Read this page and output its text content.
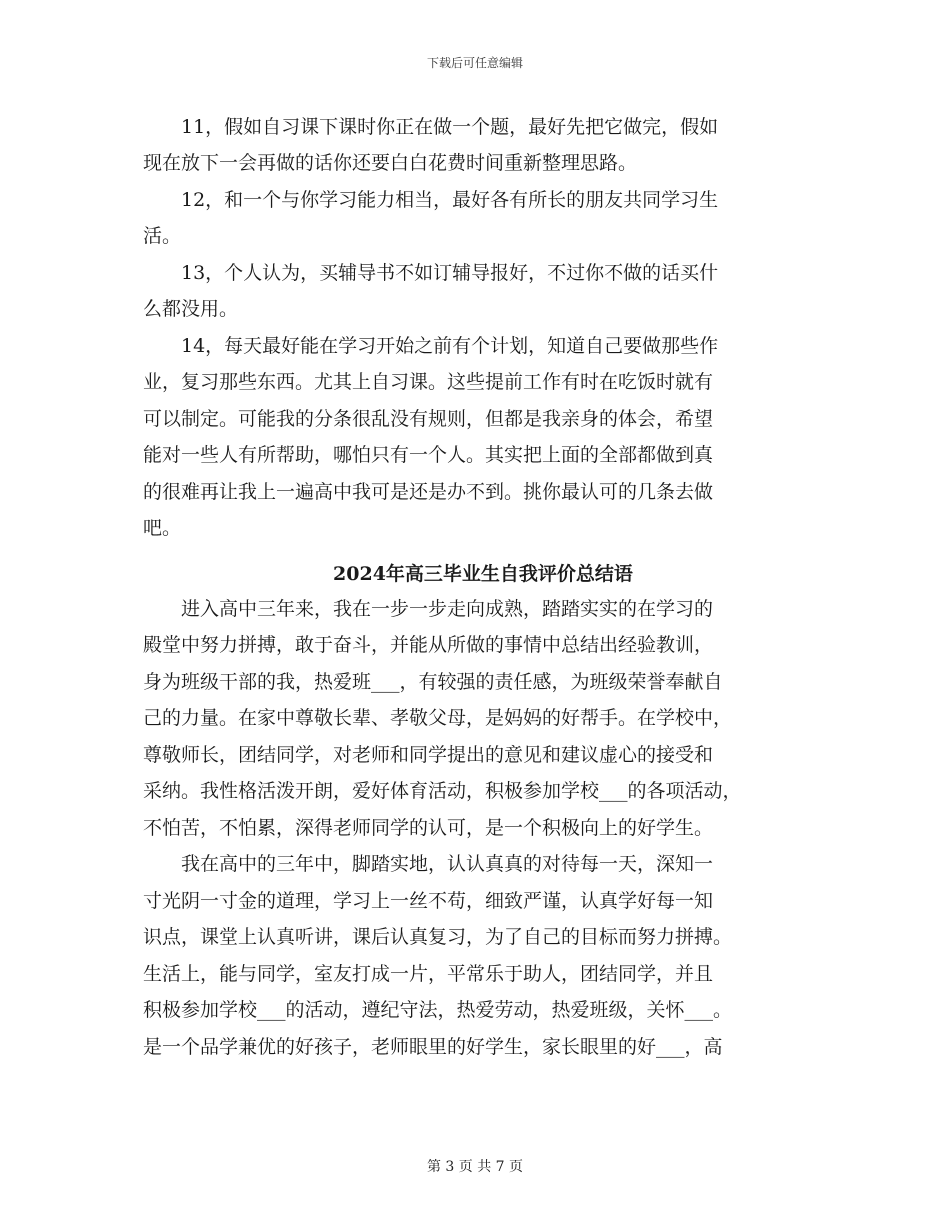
下载后可任意编辑
　　11，假如自习课下课时你正在做一个题，最好先把它做完，假如
现在放下一会再做的话你还要白白花费时间重新整理思路。
　　12，和一个与你学习能力相当，最好各有所长的朋友共同学习生
活。
　　13，个人认为，买辅导书不如订辅导报好，不过你不做的话买什
么都没用。
　　14，每天最好能在学习开始之前有个计划，知道自己要做那些作
业，复习那些东西。尤其上自习课。这些提前工作有时在吃饭时就有
可以制定。可能我的分条很乱没有规则，但都是我亲身的体会，希望
能对一些人有所帮助，哪怕只有一个人。其实把上面的全部都做到真
的很难再让我上一遍高中我可是还是办不到。挑你最认可的几条去做
吧。
2024年高三毕业生自我评价总结语
　　进入高中三年来，我在一步一步走向成熟，踏踏实实的在学习的
殿堂中努力拼搏，敢于奋斗，并能从所做的事情中总结出经验教训，
身为班级干部的我，热爱班___，有较强的责任感，为班级荣誉奉献自
己的力量。在家中尊敬长辈、孝敬父母，是妈妈的好帮手。在学校中，
尊敬师长，团结同学，对老师和同学提出的意见和建议虚心的接受和
采纳。我性格活泼开朗，爱好体育活动，积极参加学校___的各项活动，
不怕苦，不怕累，深得老师同学的认可，是一个积极向上的好学生。
　　我在高中的三年中，脚踏实地，认认真真的对待每一天，深知一
寸光阴一寸金的道理，学习上一丝不苟，细致严谨，认真学好每一知
识点，课堂上认真听讲，课后认真复习，为了自己的目标而努力拼搏。
生活上，能与同学，室友打成一片，平常乐于助人，团结同学，并且
积极参加学校___的活动，遵纪守法，热爱劳动，热爱班级，关怀___。
是一个品学兼优的好孩子，老师眼里的好学生，家长眼里的好___，高
第 3 页 共 7 页
